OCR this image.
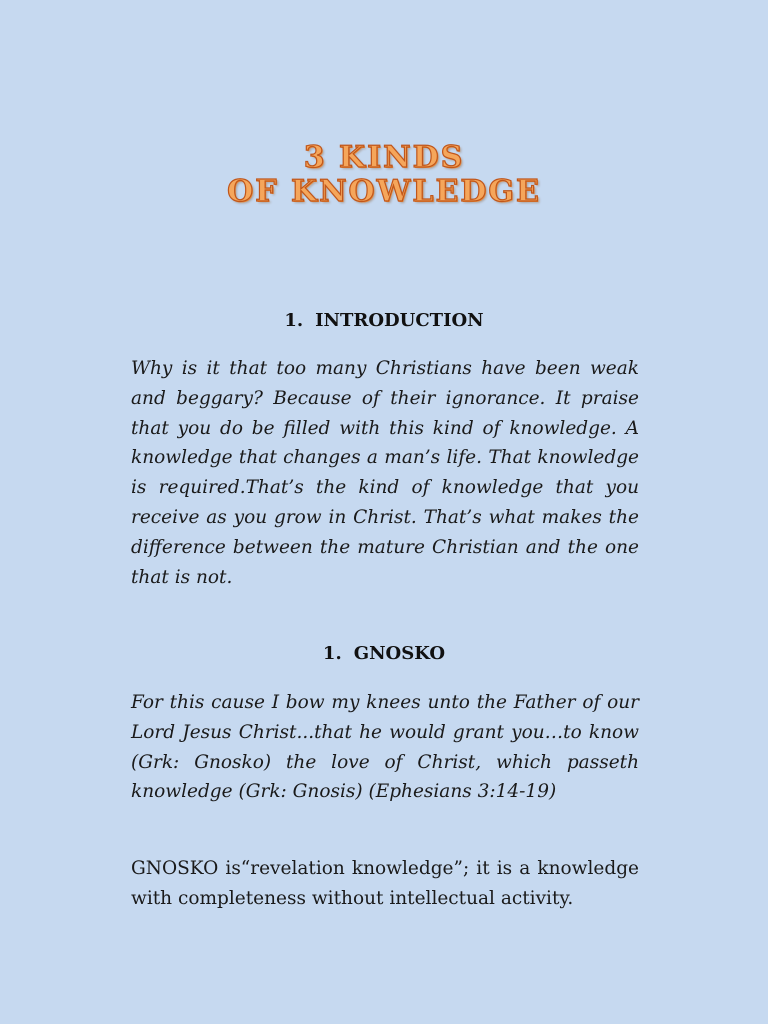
3 KINDS
OF KNOWLEDGE
1. INTRODUCTION
Why is it that too many Christians have been weak and beggary? Because of their ignorance. It praise that you do be filled with this kind of knowledge. A knowledge that changes a man’s life. That knowledge is required.That’s the kind of knowledge that you receive as you grow in Christ. That’s what makes the difference between the mature Christian and the one that is not.
1. GNOSKO
For this cause I bow my knees unto the Father of our Lord Jesus Christ...that he would grant you…to know (Grk: Gnosko) the love of Christ, which passeth knowledge (Grk: Gnosis) (Ephesians 3:14-19)
GNOSKO is“revelation knowledge”; it is a knowledge with completeness without intellectual activity.
